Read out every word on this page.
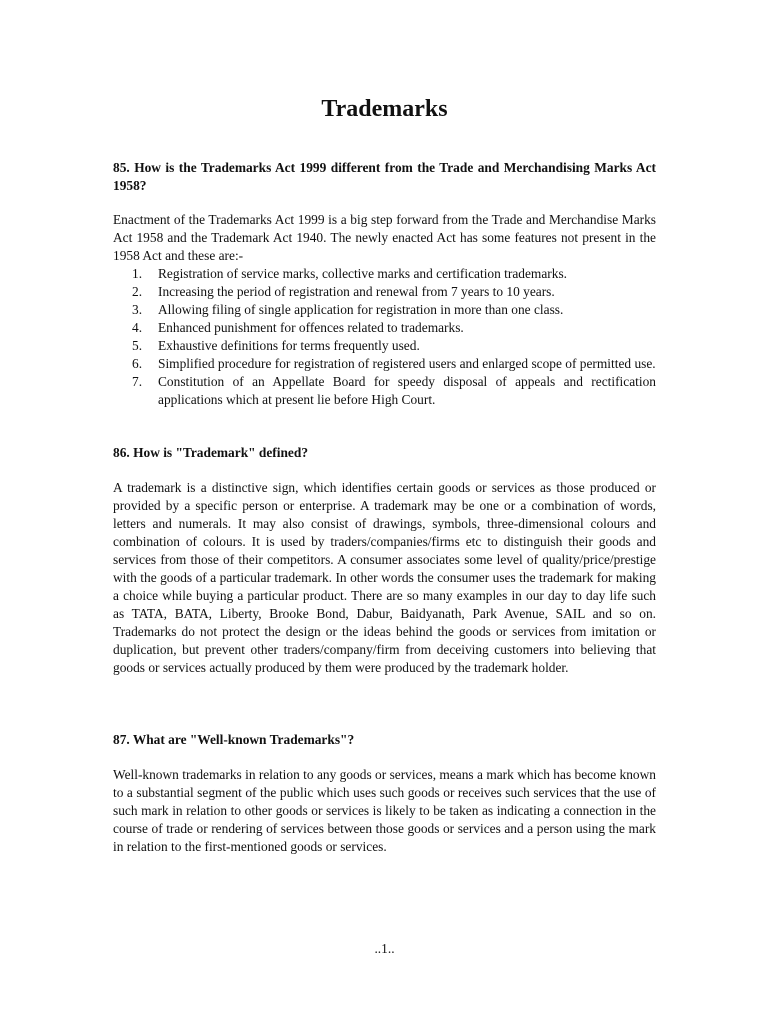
Trademarks

85. How is the Trademarks Act 1999 different from the Trade and Merchandising Marks Act 1958?

Enactment of the Trademarks Act 1999 is a big step forward from the Trade and Merchandise Marks Act 1958 and the Trademark Act 1940. The newly enacted Act has some features not present in the 1958 Act and these are:-

1. Registration of service marks, collective marks and certification trademarks.
2. Increasing the period of registration and renewal from 7 years to 10 years.
3. Allowing filing of single application for registration in more than one class.
4. Enhanced punishment for offences related to trademarks.
5. Exhaustive definitions for terms frequently used.
6. Simplified procedure for registration of registered users and enlarged scope of permitted use.
7. Constitution of an Appellate Board for speedy disposal of appeals and rectification applications which at present lie before High Court.

86. How is "Trademark" defined?

A trademark is a distinctive sign, which identifies certain goods or services as those produced or provided by a specific person or enterprise. A trademark may be one or a combination of words, letters and numerals. It may also consist of drawings, symbols, three-dimensional colours and combination of colours. It is used by traders/companies/firms etc to distinguish their goods and services from those of their competitors. A consumer associates some level of quality/price/prestige with the goods of a particular trademark. In other words the consumer uses the trademark for making a choice while buying a particular product. There are so many examples in our day to day life such as TATA, BATA, Liberty, Brooke Bond, Dabur, Baidyanath, Park Avenue, SAIL and so on. Trademarks do not protect the design or the ideas behind the goods or services from imitation or duplication, but prevent other traders/company/firm from deceiving customers into believing that goods or services actually produced by them were produced by the trademark holder.

87. What are "Well-known Trademarks"?

Well-known trademarks in relation to any goods or services, means a mark which has become known to a substantial segment of the public which uses such goods or receives such services that the use of such mark in relation to other goods or services is likely to be taken as indicating a connection in the course of trade or rendering of services between those goods or services and a person using the mark in relation to the first-mentioned goods or services.

..1..
